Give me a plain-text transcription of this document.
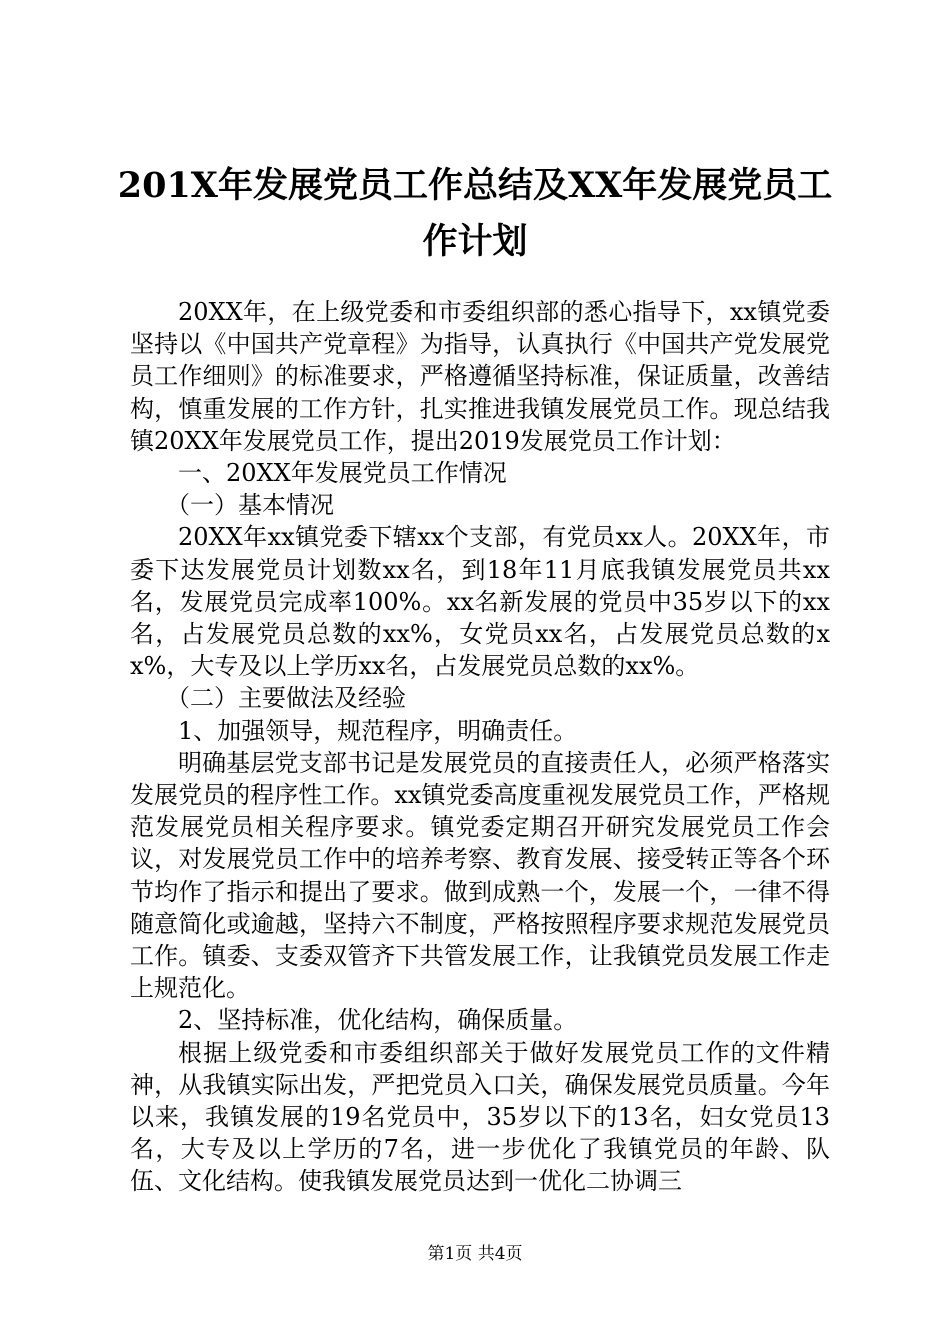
201X年发展党员工作总结及XX年发展党员工
作计划

20XX年，在上级党委和市委组织部的悉心指导下，xx镇党委坚持以《中国共产党章程》为指导，认真执行《中国共产党发展党员工作细则》的标准要求，严格遵循坚持标准，保证质量，改善结构，慎重发展的工作方针，扎实推进我镇发展党员工作。现总结我镇20XX年发展党员工作，提出2019发展党员工作计划：

一、20XX年发展党员工作情况

（一）基本情况

20XX年xx镇党委下辖xx个支部，有党员xx人。20XX年，市委下达发展党员计划数xx名，到18年11月底我镇发展党员共xx名，发展党员完成率100%。xx名新发展的党员中35岁以下的xx名，占发展党员总数的xx%，女党员xx名，占发展党员总数的xx%，大专及以上学历xx名，占发展党员总数的xx%。

（二）主要做法及经验

1、加强领导，规范程序，明确责任。

明确基层党支部书记是发展党员的直接责任人，必须严格落实发展党员的程序性工作。xx镇党委高度重视发展党员工作，严格规范发展党员相关程序要求。镇党委定期召开研究发展党员工作会议，对发展党员工作中的培养考察、教育发展、接受转正等各个环节均作了指示和提出了要求。做到成熟一个，发展一个，一律不得随意简化或逾越，坚持六不制度，严格按照程序要求规范发展党员工作。镇委、支委双管齐下共管发展工作，让我镇党员发展工作走上规范化。

2、坚持标准，优化结构，确保质量。

根据上级党委和市委组织部关于做好发展党员工作的文件精神，从我镇实际出发，严把党员入口关，确保发展党员质量。今年以来，我镇发展的19名党员中，35岁以下的13名，妇女党员13名，大专及以上学历的7名，进一步优化了我镇党员的年龄、队伍、文化结构。使我镇发展党员达到一优化二协调三

第1页 共4页
